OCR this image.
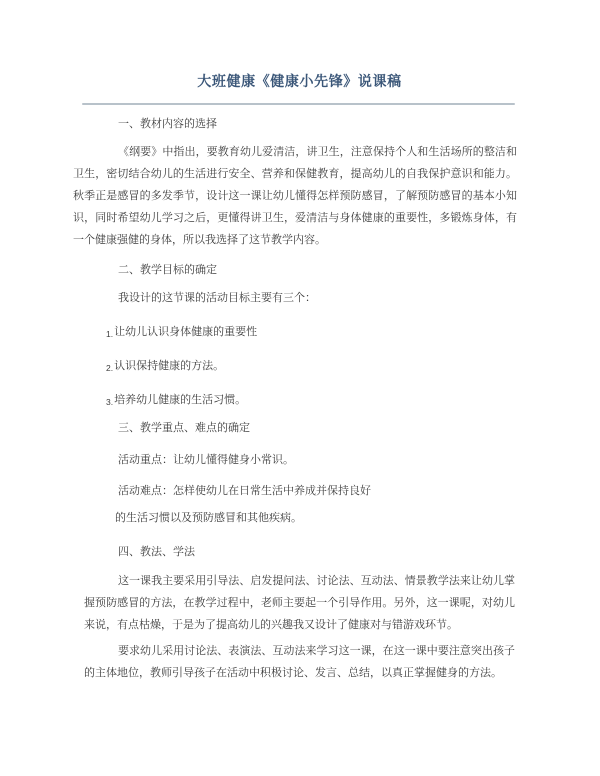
大班健康《健康小先锋》说课稿

一、教材内容的选择

《纲要》中指出，要教育幼儿爱清洁，讲卫生，注意保持个人和生活场所的整洁和卫生，密切结合幼儿的生活进行安全、营养和保健教育，提高幼儿的自我保护意识和能力。秋季正是感冒的多发季节，设计这一课让幼儿懂得怎样预防感冒，了解预防感冒的基本小知识，同时希望幼儿学习之后，更懂得讲卫生，爱清洁与身体健康的重要性，多锻炼身体，有一个健康强健的身体，所以我选择了这节教学内容。

二、教学目标的确定

我设计的这节课的活动目标主要有三个：

1.让幼儿认识身体健康的重要性

2.认识保持健康的方法。

3.培养幼儿健康的生活习惯。

三、教学重点、难点的确定

活动重点：让幼儿懂得健身小常识。

活动难点：怎样使幼儿在日常生活中养成并保持良好

的生活习惯以及预防感冒和其他疾病。

四、教法、学法

这一课我主要采用引导法、启发提问法、讨论法、互动法、情景教学法来让幼儿掌握预防感冒的方法，在教学过程中，老师主要起一个引导作用。另外，这一课呢，对幼儿来说，有点枯燥，于是为了提高幼儿的兴趣我又设计了健康对与错游戏环节。

要求幼儿采用讨论法、表演法、互动法来学习这一课，在这一课中要注意突出孩子的主体地位，教师引导孩子在活动中积极讨论、发言、总结，以真正掌握健身的方法。
